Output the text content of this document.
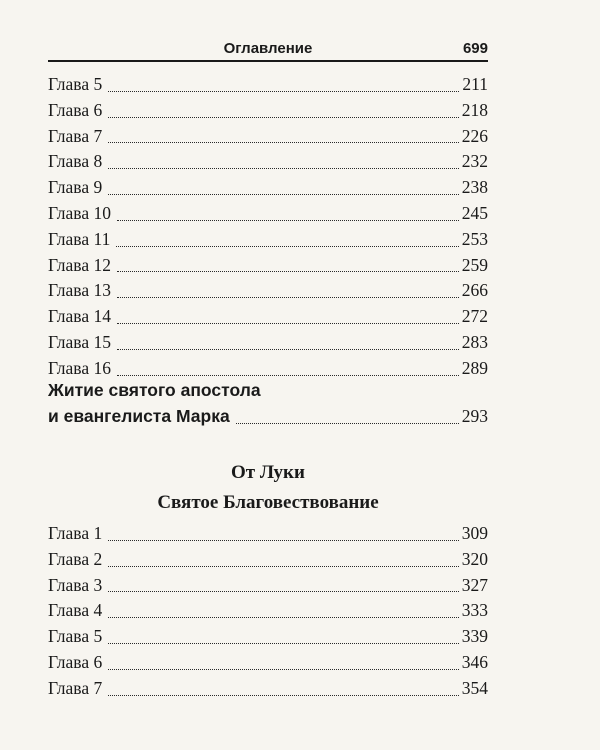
Оглавление	699
Глава 5	211
Глава 6	218
Глава 7	226
Глава 8	232
Глава 9	238
Глава 10	245
Глава 11	253
Глава 12	259
Глава 13	266
Глава 14	272
Глава 15	283
Глава 16	289
Житие святого апостола
и евангелиста Марка	293
От Луки
Святое Благовествование
Глава 1	309
Глава 2	320
Глава 3	327
Глава 4	333
Глава 5	339
Глава 6	346
Глава 7	354
